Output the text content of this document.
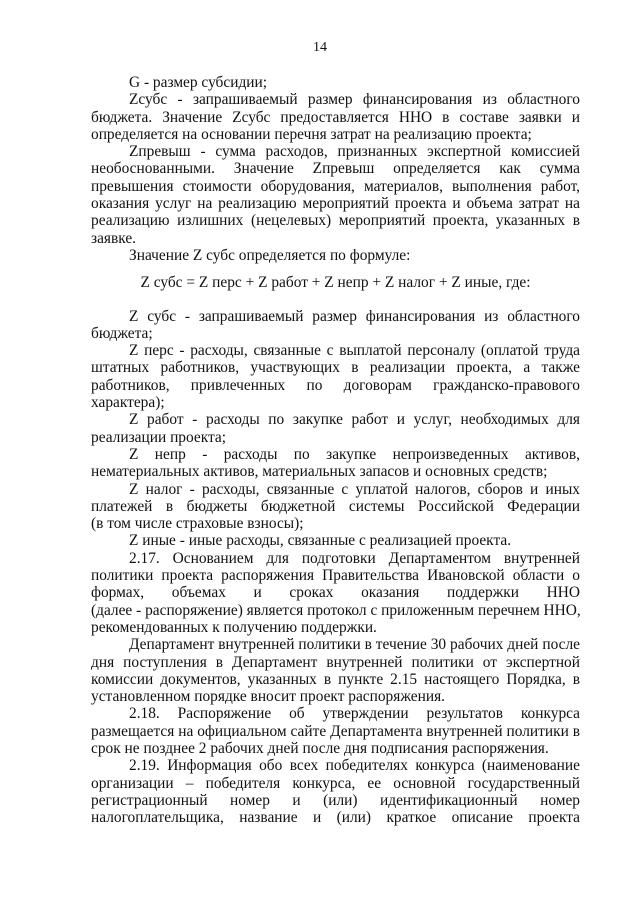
14
G - размер субсидии;
Zсубс - запрашиваемый размер финансирования из областного
бюджета. Значение Zсубс предоставляется ННО в составе заявки и
определяется на основании перечня затрат на реализацию проекта;
Zпревыш - сумма расходов, признанных экспертной комиссией
необоснованными. Значение Zпревыш определяется как сумма
превышения стоимости оборудования, материалов, выполнения работ,
оказания услуг на реализацию мероприятий проекта и объема затрат на
реализацию излишних (нецелевых) мероприятий проекта, указанных в
заявке.
Значение Z субс определяется по формуле:
Z субс = Z перс + Z работ + Z непр + Z налог + Z иные, где:
Z субс - запрашиваемый размер финансирования из областного
бюджета;
Z перс - расходы, связанные с выплатой персоналу (оплатой труда
штатных работников, участвующих в реализации проекта, а также
работников, привлеченных по договорам гражданско-правового
характера);
Z работ - расходы по закупке работ и услуг, необходимых для
реализации проекта;
Z непр - расходы по закупке непроизведенных активов,
нематериальных активов, материальных запасов и основных средств;
Z налог - расходы, связанные с уплатой налогов, сборов и иных
платежей в бюджеты бюджетной системы Российской Федерации
(в том числе страховые взносы);
Z иные - иные расходы, связанные с реализацией проекта.
2.17. Основанием для подготовки Департаментом внутренней
политики проекта распоряжения Правительства Ивановской области о
формах, объемах и сроках оказания поддержки ННО
(далее - распоряжение) является протокол с приложенным перечнем ННО,
рекомендованных к получению поддержки.
Департамент внутренней политики в течение 30 рабочих дней после
дня поступления в Департамент внутренней политики от экспертной
комиссии документов, указанных в пункте 2.15 настоящего Порядка, в
установленном порядке вносит проект распоряжения.
2.18. Распоряжение об утверждении результатов конкурса
размещается на официальном сайте Департамента внутренней политики в
срок не позднее 2 рабочих дней после дня подписания распоряжения.
2.19. Информация обо всех победителях конкурса (наименование
организации – победителя конкурса, ее основной государственный
регистрационный номер и (или) идентификационный номер
налогоплательщика, название и (или) краткое описание проекта
